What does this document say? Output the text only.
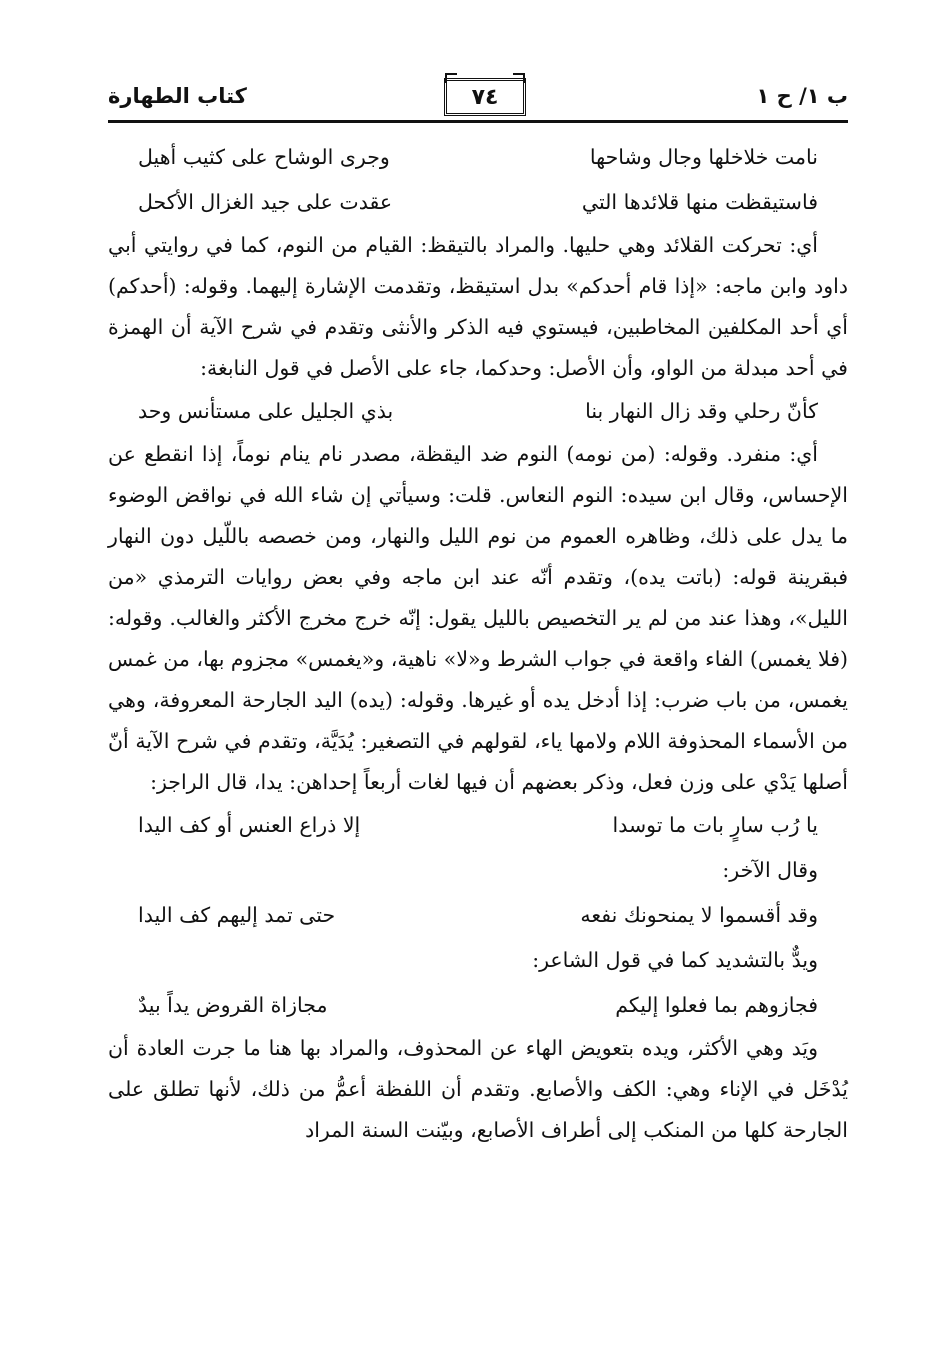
كتاب الطهارة	٧٤	ب ١/ ح ١
نامت خلاخلها وجال وشاحها
وجرى الوشاح على كثيب أهيل
فاستيقظت منها قلائدها التي
عقدت على جيد الغزال الأكحل

أي: تحركت القلائد وهي حليها. والمراد بالتيقظ: القيام من النوم، كما في روايتي أبي داود وابن ماجه: «إذا قام أحدكم» بدل استيقظ، وتقدمت الإشارة إليهما. وقوله: (أحدكم) أي أحد المكلفين المخاطبين، فيستوي فيه الذكر والأنثى وتقدم في شرح الآية أن الهمزة في أحد مبدلة من الواو، وأن الأصل: وحدكما، جاء على الأصل في قول النابغة:

كأنّ رحلي وقد زال النهار بنا
بذي الجليل على مستأنس وحد

أي: منفرد. وقوله: (من نومه) النوم ضد اليقظة، مصدر نام ينام نوماً، إذا انقطع عن الإحساس، وقال ابن سيده: النوم النعاس. قلت: وسيأتي إن شاء الله في نواقض الوضوء ما يدل على ذلك، وظاهره العموم من نوم الليل والنهار، ومن خصصه باللّيل دون النهار فبقرينة قوله: (باتت يده)، وتقدم أنّه عند ابن ماجه وفي بعض روايات الترمذي «من الليل»، وهذا عند من لم ير التخصيص بالليل يقول: إنّه خرج مخرج الأكثر والغالب. وقوله: (فلا يغمس) الفاء واقعة في جواب الشرط و«لا» ناهية، و«يغمس» مجزوم بها، من غمس يغمس، من باب ضرب: إذا أدخل يده أو غيرها. وقوله: (يده) اليد الجارحة المعروفة، وهي من الأسماء المحذوفة اللام ولامها ياء، لقولهم في التصغير: يُدَيَّة، وتقدم في شرح الآية أنّ أصلها يَدْي على وزن فعل، وذكر بعضهم أن فيها لغات أربعاً إحداهن: يدا، قال الراجز:

يا رُب سارٍ بات ما توسدا
إلا ذراع العنس أو كف اليدا
وقال الآخر:
وقد أقسموا لا يمنحونك نفعه
حتى تمد إليهم كف اليدا
ويدٌّ بالتشديد كما في قول الشاعر:
فجازوهم بما فعلوا إليكم
مجازاة القروض يداً بيدٌ

ويَد وهي الأكثر، ويده بتعويض الهاء عن المحذوف، والمراد بها هنا ما جرت العادة أن يُدْخَل في الإناء وهي: الكف والأصابع. وتقدم أن اللفظة أعمُّ من ذلك، لأنها تطلق على الجارحة كلها من المنكب إلى أطراف الأصابع، وبيّنت السنة المراد
